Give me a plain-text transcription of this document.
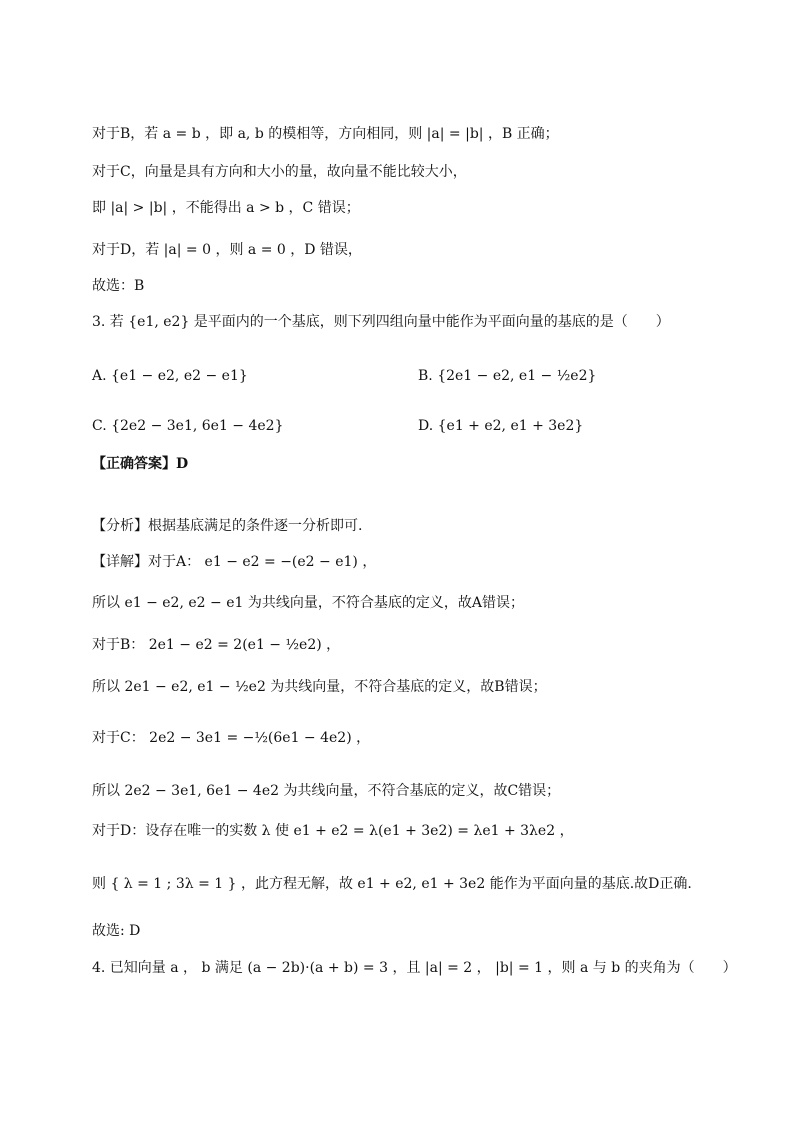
对于B，若 a = b ，即 a, b 的模相等，方向相同，则 |a| = |b| ，B 正确；
对于C，向量是具有方向和大小的量，故向量不能比较大小，
即 |a| > |b| ，不能得出 a > b ，C 错误；
对于D，若 |a| = 0 ，则 a = 0 ，D 错误，
故选：B
3. 若 {e1, e2} 是平面内的一个基底，则下列四组向量中能作为平面向量的基底的是（　　）
A. {e1 − e2, e2 − e1}	B. {2e1 − e2, e1 − ½e2}
C. {2e2 − 3e1, 6e1 − 4e2}	D. {e1 + e2, e1 + 3e2}
【正确答案】D
【分析】根据基底满足的条件逐一分析即可.
【详解】对于A： e1 − e2 = −(e2 − e1) ，
所以 e1 − e2, e2 − e1 为共线向量，不符合基底的定义，故A错误；
对于B： 2e1 − e2 = 2(e1 − ½e2) ，
所以 2e1 − e2, e1 − ½e2 为共线向量，不符合基底的定义，故B错误；
对于C： 2e2 − 3e1 = −½(6e1 − 4e2) ，
所以 2e2 − 3e1, 6e1 − 4e2 为共线向量，不符合基底的定义，故C错误；
对于D：设存在唯一的实数 λ 使 e1 + e2 = λ(e1 + 3e2) = λe1 + 3λe2 ，
则 { λ = 1 ; 3λ = 1 } ，此方程无解，故 e1 + e2, e1 + 3e2 能作为平面向量的基底.故D正确.
故选: D
4. 已知向量 a ， b 满足 (a − 2b)·(a + b) = 3 ，且 |a| = 2 ， |b| = 1 ，则 a 与 b 的夹角为（　　）
